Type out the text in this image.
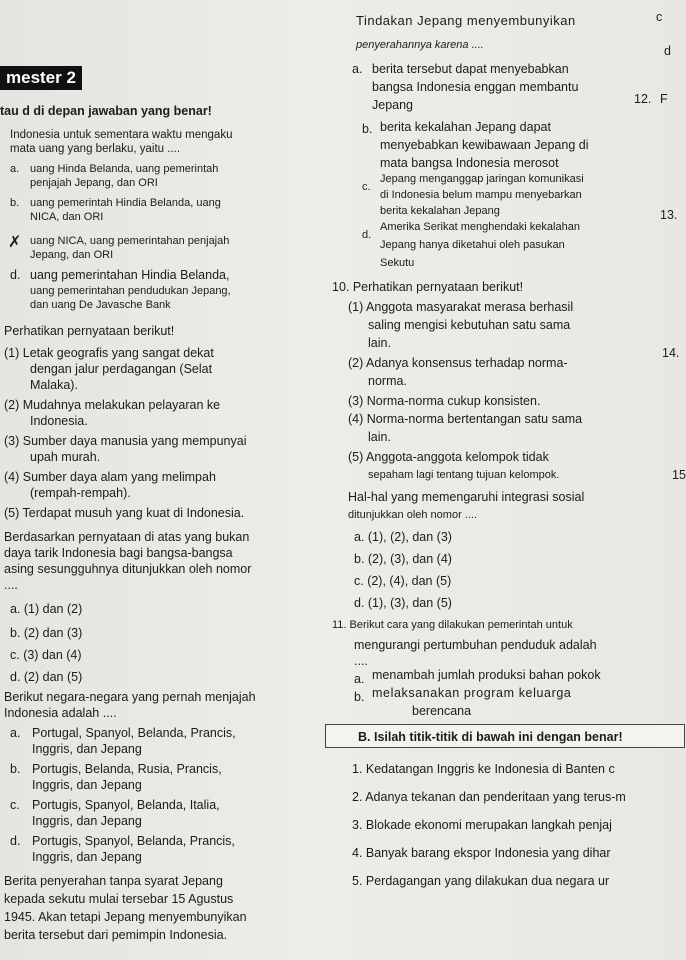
mester 2
tau d di depan jawaban yang benar!
Indonesia untuk sementara waktu mengaku
mata uang yang berlaku, yaitu ....
a. uang Hinda Belanda, uang pemerintah
penjajah Jepang, dan ORI
b. uang pemerintah Hindia Belanda, uang
NICA, dan ORI
✗ uang NICA, uang pemerintahan penjajah
Jepang, dan ORI
d. uang pemerintahan Hindia Belanda,
uang pemerintahan pendudukan Jepang,
dan uang De Javasche Bank
Perhatikan pernyataan berikut!
(1) Letak geografis yang sangat dekat
dengan jalur perdagangan (Selat
Malaka).
(2) Mudahnya melakukan pelayaran ke
Indonesia.
(3) Sumber daya manusia yang mempunyai
upah murah.
(4) Sumber daya alam yang melimpah
(rempah-rempah).
(5) Terdapat musuh yang kuat di Indonesia.
Berdasarkan pernyataan di atas yang bukan
daya tarik Indonesia bagi bangsa-bangsa
asing sesungguhnya ditunjukkan oleh nomor
....
a. (1) dan (2)
b. (2) dan (3)
c. (3) dan (4)
d. (2) dan (5)
Berikut negara-negara yang pernah menjajah
Indonesia adalah ....
a. Portugal, Spanyol, Belanda, Prancis,
Inggris, dan Jepang
b. Portugis, Belanda, Rusia, Prancis,
Inggris, dan Jepang
c. Portugis, Spanyol, Belanda, Italia,
Inggris, dan Jepang
d. Portugis, Spanyol, Belanda, Prancis,
Inggris, dan Jepang
Berita penyerahan tanpa syarat Jepang
kepada sekutu mulai tersebar 15 Agustus
1945. Akan tetapi Jepang menyembunyikan
berita tersebut dari pemimpin Indonesia.
Tindakan Jepang menyembunyikan
penyerahannya karena ....
a. berita tersebut dapat menyebabkan
bangsa Indonesia enggan membantu
Jepang
b. berita kekalahan Jepang dapat
menyebabkan kewibawaan Jepang di
mata bangsa Indonesia merosot
c.
Jepang menganggap jaringan komunikasi
di Indonesia belum mampu menyebarkan
berita kekalahan Jepang
d.
Amerika Serikat menghendaki kekalahan
Jepang hanya diketahui oleh pasukan
Sekutu
10. Perhatikan pernyataan berikut!
(1) Anggota masyarakat merasa berhasil
saling mengisi kebutuhan satu sama
lain.
(2) Adanya konsensus terhadap norma-
norma.
(3) Norma-norma cukup konsisten.
(4) Norma-norma bertentangan satu sama
lain.
(5) Anggota-anggota kelompok tidak
sepaham lagi tentang tujuan kelompok.
Hal-hal yang memengaruhi integrasi sosial
ditunjukkan oleh nomor ....
a. (1), (2), dan (3)
b. (2), (3), dan (4)
c. (2), (4), dan (5)
d. (1), (3), dan (5)
11. Berikut cara yang dilakukan pemerintah untuk
mengurangi pertumbuhan penduduk adalah
....
a. menambah jumlah produksi bahan pokok
b. melaksanakan program keluarga
berencana
B. Isilah titik-titik di bawah ini dengan benar!
1. Kedatangan Inggris ke Indonesia di Banten c
2. Adanya tekanan dan penderitaan yang terus-m
3. Blokade ekonomi merupakan langkah penjaj
4. Banyak barang ekspor Indonesia yang dihar
5. Perdagangan yang dilakukan dua negara ur
c
d
12. F
13.
14.
15
